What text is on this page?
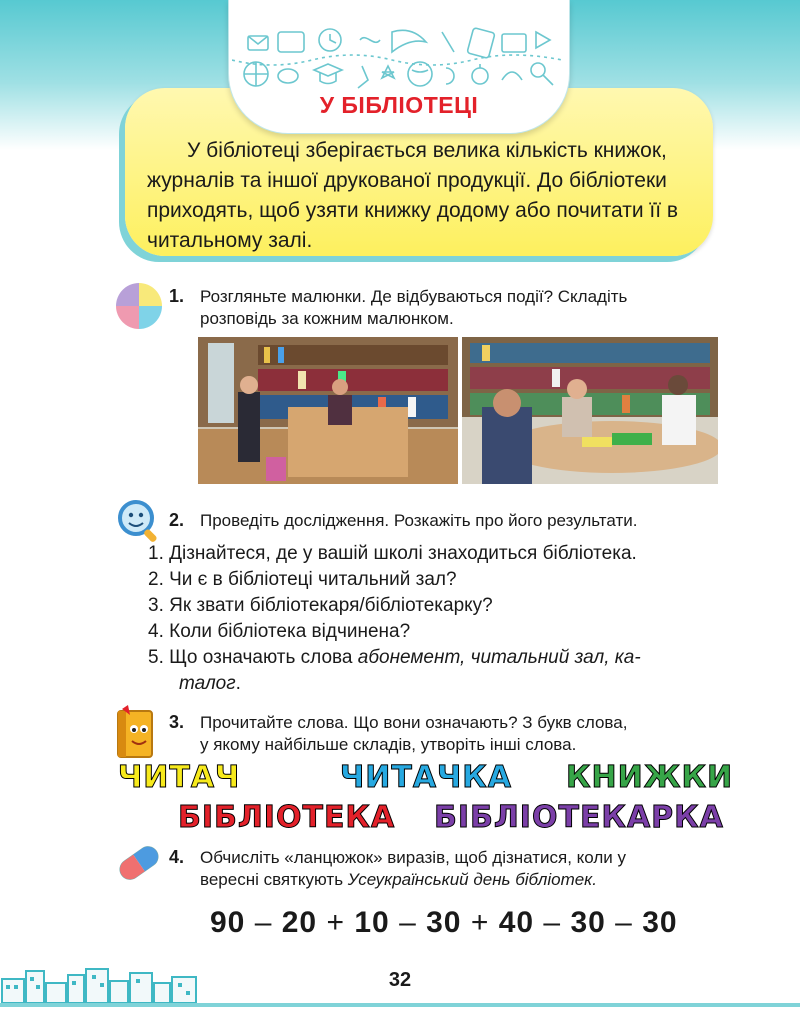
У бібліотеці зберігається велика кількість книжок, журналів та іншої друкованої продукції. До бібліотеки приходять, щоб узяти книжку додому або почитати її в читальному залі.

У БІБЛІОТЕЦІ
1. Розгляньте малюнки. Де відбуваються події? Складіть
розповідь за кожним малюнком.
2. Проведіть дослідження. Розкажіть про його результати.
1. Дізнайтеся, де у вашій школі знаходиться бібліотека.
2. Чи є в бібліотеці читальний зал?
3. Як звати бібліотекаря/бібліотекарку?
4. Коли бібліотека відчинена?
5. Що означають слова абонемент, читальний зал, ка-
талог.
3. Прочитайте слова. Що вони означають? З букв слова,
у якому найбільше складів, утворіть інші слова.
ЧИТАЧ	ЧИТАЧКА КНИЖКИ
БІБЛІОТЕКА БІБЛІОТЕКАРКА
4. Обчисліть «ланцюжок» виразів, щоб дізнатися, коли у
вересні святкують Усеукраїнський день бібліотек.
90 – 20 + 10 – 30 + 40 – 30 – 30
32
